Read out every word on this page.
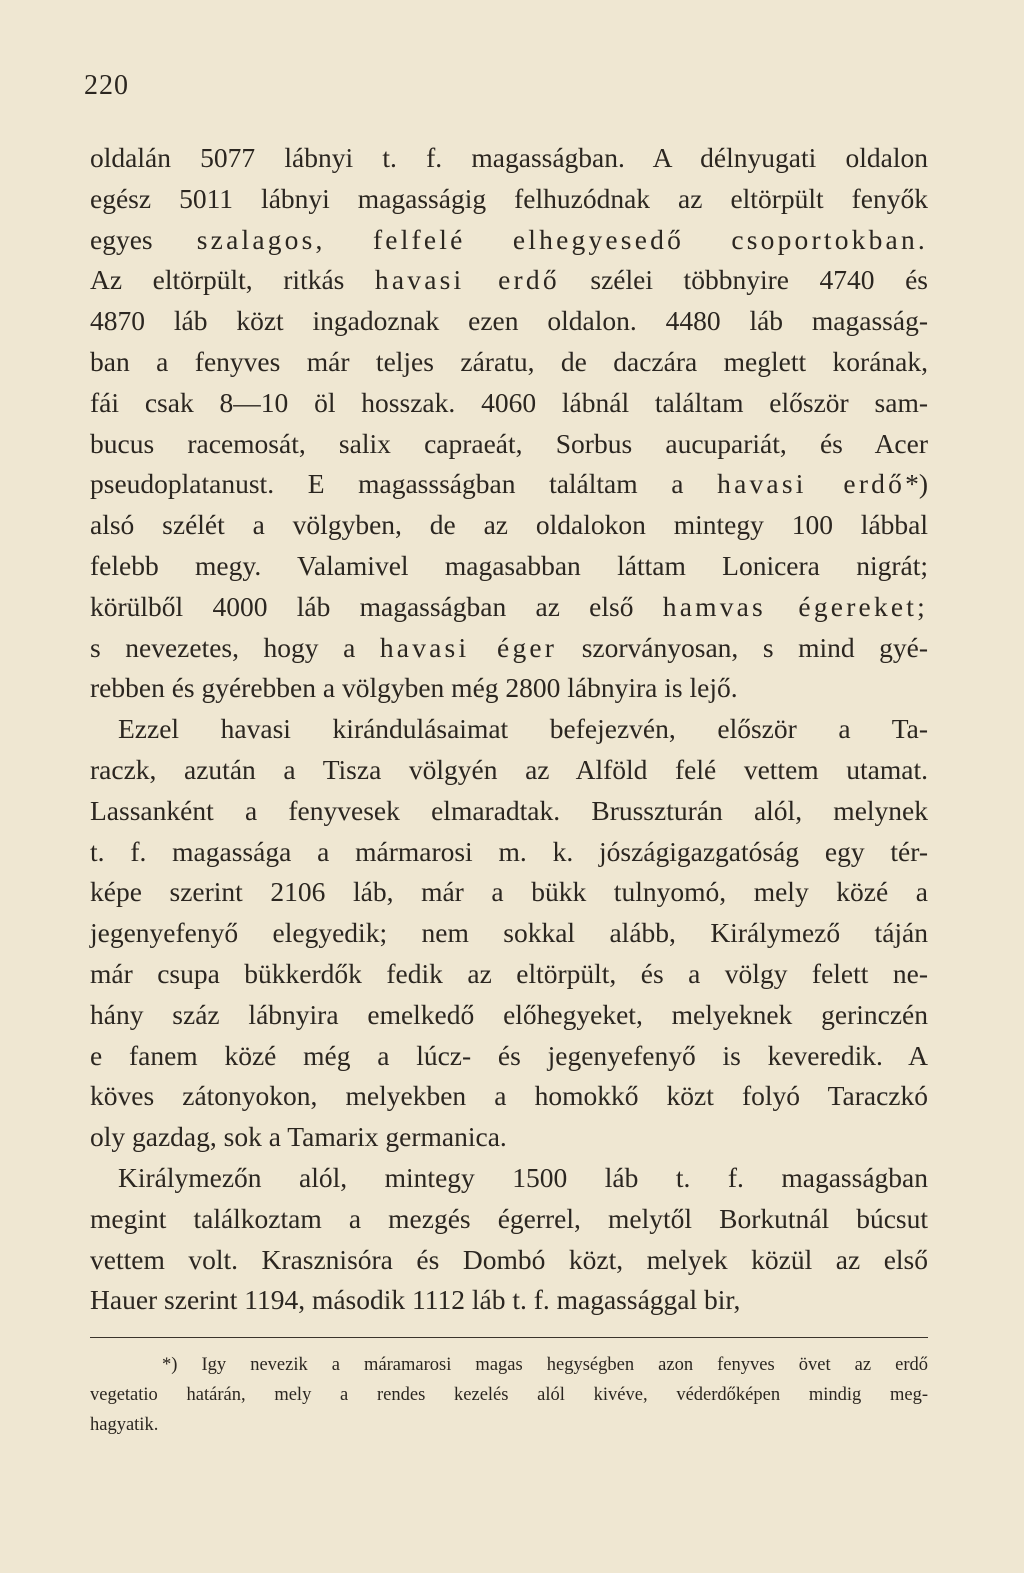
220
oldalán 5077 lábnyi t. f. magasságban. A délnyugati oldalon
egész 5011 lábnyi magasságig felhuzódnak az eltörpült fenyők
egyes szalagos, felfelé elhegyesedő csoportokban.
Az eltörpült, ritkás havasi erdő szélei többnyire 4740 és
4870 láb közt ingadoznak ezen oldalon. 4480 láb magasság-
ban a fenyves már teljes záratu, de daczára meglett korának,
fái csak 8—10 öl hosszak. 4060 lábnál találtam először sam-
bucus racemosát, salix capraeát, Sorbus aucupariát, és Acer
pseudoplatanust. E magassságban találtam a havasi erdő*)
alsó szélét a völgyben, de az oldalokon mintegy 100 lábbal
felebb megy. Valamivel magasabban láttam Lonicera nigrát;
körülből 4000 láb magasságban az első hamvas égereket;
s nevezetes, hogy a havasi éger szorványosan, s mind gyé-
rebben és gyérebben a völgyben még 2800 lábnyira is lejő.
Ezzel havasi kirándulásaimat befejezvén, először a Ta-
raczk, azután a Tisza völgyén az Alföld felé vettem utamat.
Lassanként a fenyvesek elmaradtak. Brusszturán alól, melynek
t. f. magassága a mármarosi m. k. jószágigazgatóság egy tér-
képe szerint 2106 láb, már a bükk tulnyomó, mely közé a
jegenyefenyő elegyedik; nem sokkal alább, Királymező táján
már csupa bükkerdők fedik az eltörpült, és a völgy felett ne-
hány száz lábnyira emelkedő előhegyeket, melyeknek gerinczén
e fanem közé még a lúcz- és jegenyefenyő is keveredik. A
köves zátonyokon, melyekben a homokkő közt folyó Taraczkó
oly gazdag, sok a Tamarix germanica.
Királymezőn alól, mintegy 1500 láb t. f. magasságban
megint találkoztam a mezgés égerrel, melytől Borkutnál búcsut
vettem volt. Krasznisóra és Dombó közt, melyek közül az első
Hauer szerint 1194, második 1112 láb t. f. magassággal bir,
*) Igy nevezik a máramarosi magas hegységben azon fenyves övet az erdő
vegetatio határán, mely a rendes kezelés alól kivéve, véderdőképen mindig meg-
hagyatik.
